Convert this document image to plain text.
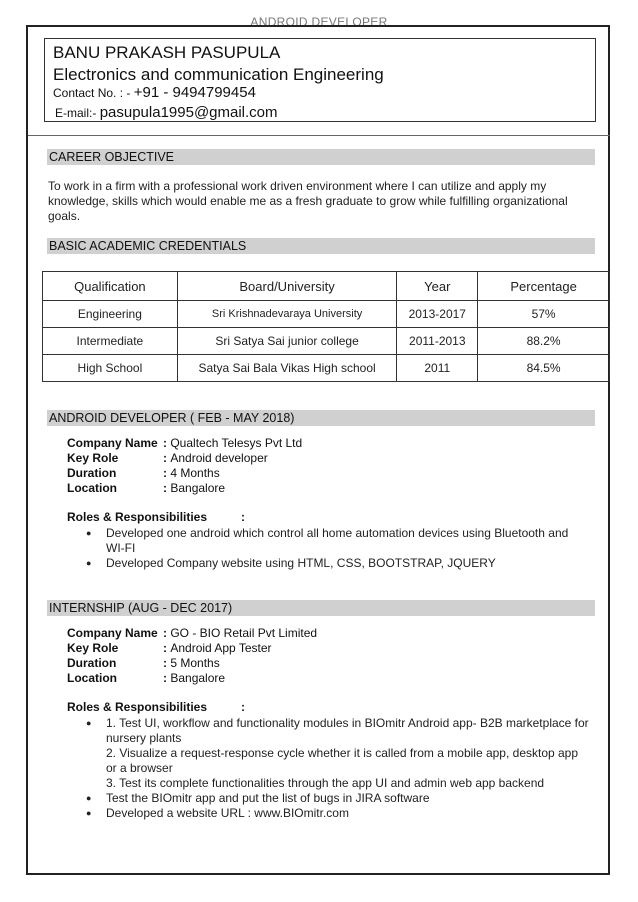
ANDROID DEVELOPER
BANU PRAKASH PASUPULA
Electronics and communication Engineering
Contact No. : - +91 - 9494799454
E-mail:- pasupula1995@gmail.com
CAREER OBJECTIVE
To work in a firm with a professional work driven environment where I can utilize and apply my knowledge, skills which would enable me as a fresh graduate to grow while fulfilling organizational goals.
BASIC ACADEMIC CREDENTIALS
Qualification	Board/University	Year	Percentage
Engineering	Sri Krishnadevaraya University	2013-2017	57%
Intermediate	Sri Satya Sai junior college	2011-2013	88.2%
High School	Satya Sai Bala Vikas High school	2011	84.5%
ANDROID DEVELOPER ( FEB - MAY 2018)
Company Name : Qualtech Telesys Pvt Ltd
Key Role	: Android developer
Duration	: 4 Months
Location	: Bangalore
Roles & Responsibilities	:
● Developed one android which control all home automation devices using Bluetooth and WI-FI
● Developed Company website using HTML, CSS, BOOTSTRAP, JQUERY
INTERNSHIP (AUG - DEC 2017)
Company Name : GO - BIO Retail Pvt Limited
Key Role	: Android App Tester
Duration	: 5 Months
Location	: Bangalore
Roles & Responsibilities	:
● 1. Test UI, workflow and functionality modules in BIOmitr Android app- B2B marketplace for nursery plants
2. Visualize a request-response cycle whether it is called from a mobile app, desktop app or a browser
3. Test its complete functionalities through the app UI and admin web app backend
● Test the BIOmitr app and put the list of bugs in JIRA software
● Developed a website URL : www.BIOmitr.com
